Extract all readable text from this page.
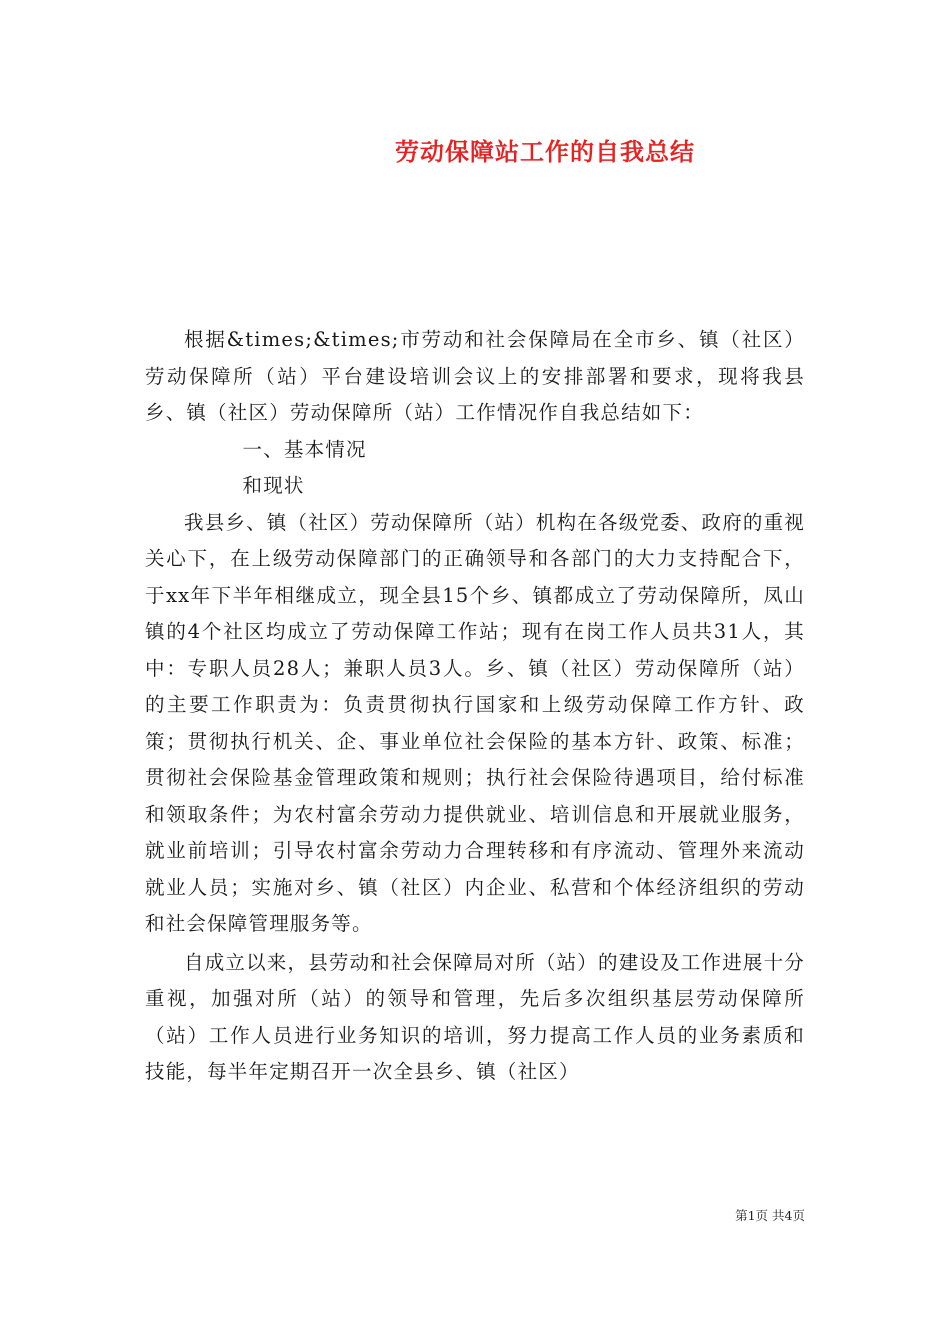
劳动保障站工作的自我总结

根据&times;&times;市劳动和社会保障局在全市乡、镇（社区）劳动保障所（站）平台建设培训会议上的安排部署和要求，现将我县乡、镇（社区）劳动保障所（站）工作情况作自我总结如下：

一、基本情况

和现状

我县乡、镇（社区）劳动保障所（站）机构在各级党委、政府的重视关心下，在上级劳动保障部门的正确领导和各部门的大力支持配合下，于xx年下半年相继成立，现全县15个乡、镇都成立了劳动保障所，凤山镇的4个社区均成立了劳动保障工作站；现有在岗工作人员共31人，其中：专职人员28人；兼职人员3人。乡、镇（社区）劳动保障所（站）的主要工作职责为：负责贯彻执行国家和上级劳动保障工作方针、政策；贯彻执行机关、企、事业单位社会保险的基本方针、政策、标准；贯彻社会保险基金管理政策和规则；执行社会保险待遇项目，给付标准和领取条件；为农村富余劳动力提供就业、培训信息和开展就业服务，就业前培训；引导农村富余劳动力合理转移和有序流动、管理外来流动就业人员；实施对乡、镇（社区）内企业、私营和个体经济组织的劳动和社会保障管理服务等。

自成立以来，县劳动和社会保障局对所（站）的建设及工作进展十分重视，加强对所（站）的领导和管理，先后多次组织基层劳动保障所（站）工作人员进行业务知识的培训，努力提高工作人员的业务素质和技能，每半年定期召开一次全县乡、镇（社区）

第1页 共4页
